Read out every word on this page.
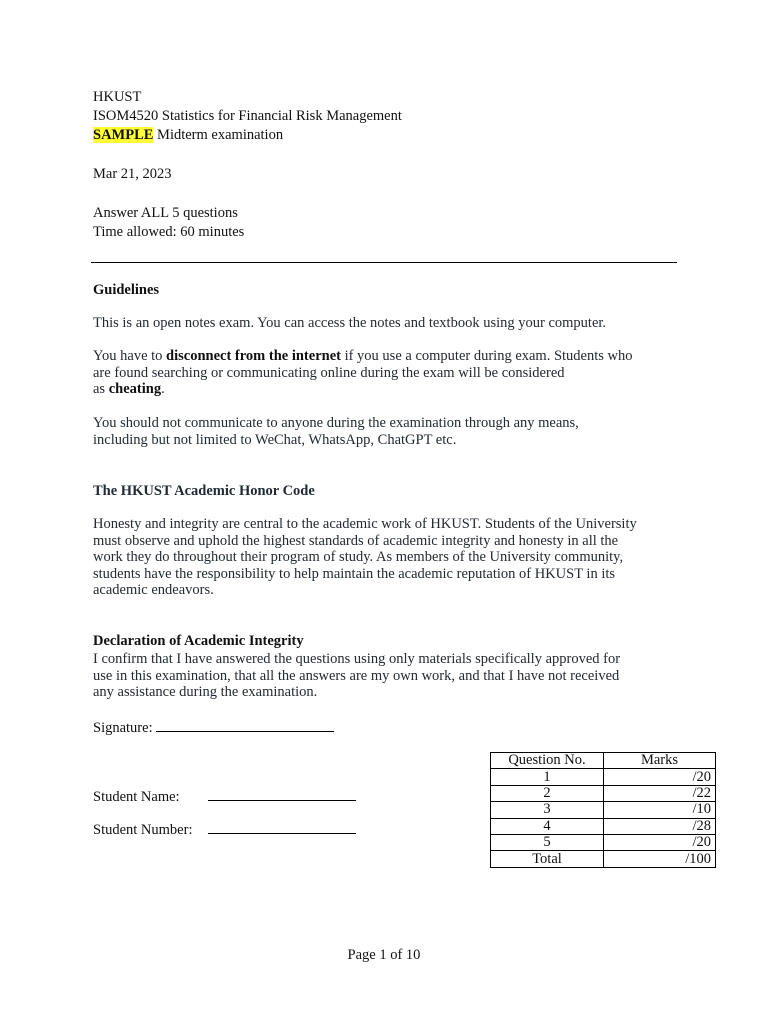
HKUST
ISOM4520 Statistics for Financial Risk Management
SAMPLE Midterm examination
Mar 21, 2023
Answer ALL 5 questions
Time allowed: 60 minutes
Guidelines
This is an open notes exam. You can access the notes and textbook using your computer.
You have to disconnect from the internet if you use a computer during exam. Students who
are found searching or communicating online during the exam will be considered
as cheating.
You should not communicate to anyone during the examination through any means,
including but not limited to WeChat, WhatsApp, ChatGPT etc.
The HKUST Academic Honor Code
Honesty and integrity are central to the academic work of HKUST. Students of the University
must observe and uphold the highest standards of academic integrity and honesty in all the
work they do throughout their program of study. As members of the University community,
students have the responsibility to help maintain the academic reputation of HKUST in its
academic endeavors.
Declaration of Academic Integrity
I confirm that I have answered the questions using only materials specifically approved for
use in this examination, that all the answers are my own work, and that I have not received
any assistance during the examination.
Signature:
Student Name:
Student Number:
Question No.	Marks
1	/20
2	/22
3	/10
4	/28
5	/20
Total	/100
Page 1 of 10
